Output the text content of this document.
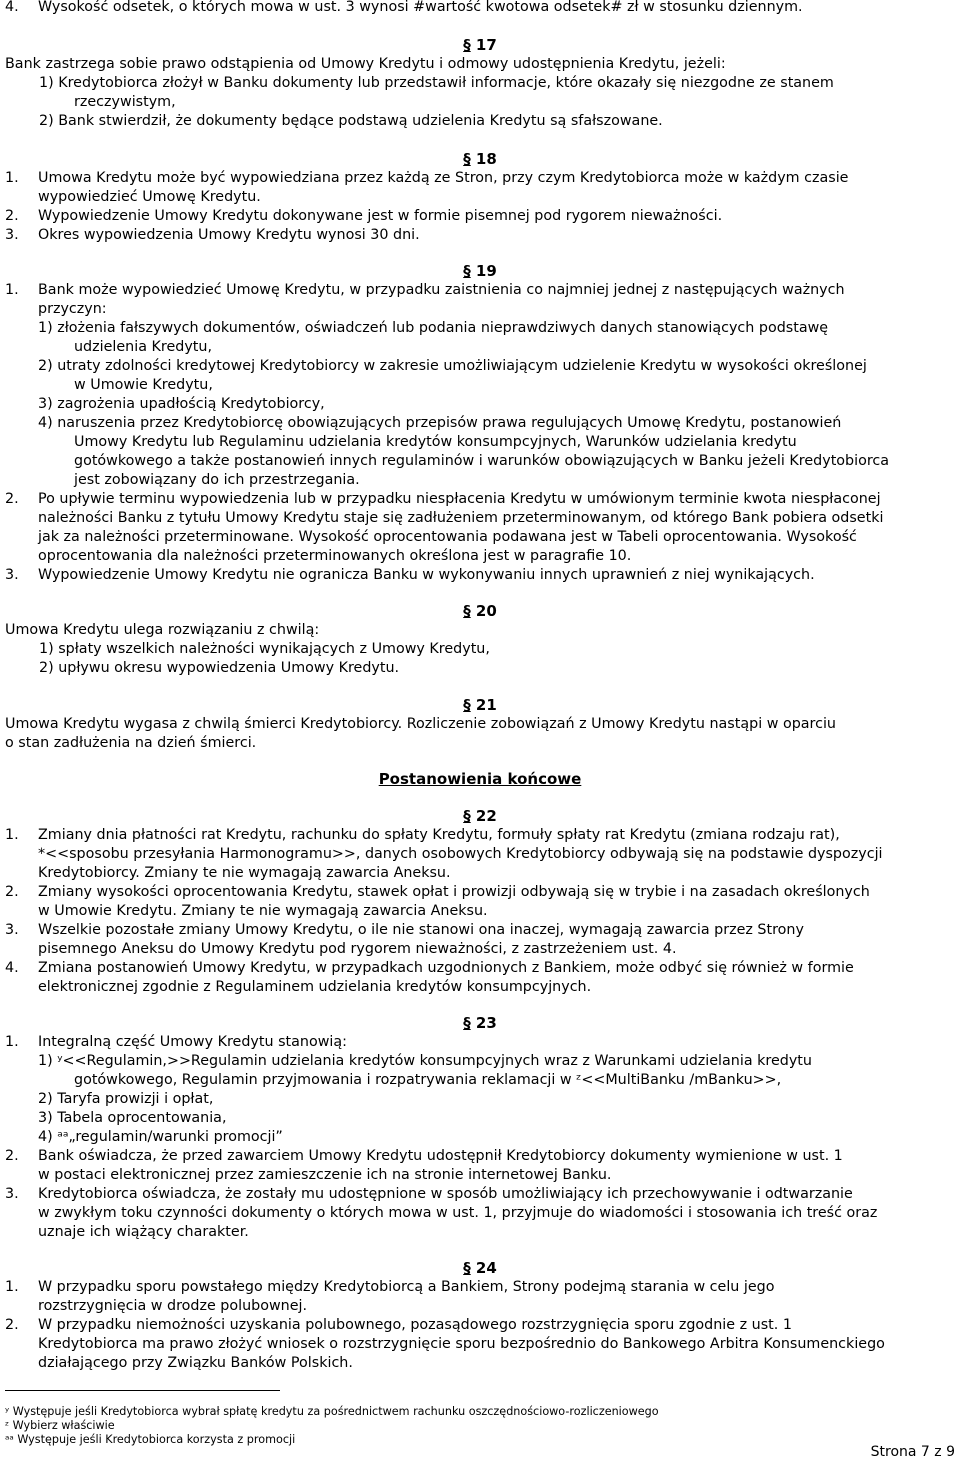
Strona 7 z 9
4. Wysokość odsetek, o których mowa w ust. 3 wynosi #wartość kwotowa odsetek# zł w stosunku dziennym.
§ 17
Bank zastrzega sobie prawo odstąpienia od Umowy Kredytu i odmowy udostępnienia Kredytu, jeżeli:
1) Kredytobiorca złożył w Banku dokumenty lub przedstawił informacje, które okazały się niezgodne ze stanem
rzeczywistym,
2) Bank stwierdził, że dokumenty będące podstawą udzielenia Kredytu są sfałszowane.
§ 18
1. Umowa Kredytu może być wypowiedziana przez każdą ze Stron, przy czym Kredytobiorca może w każdym czasie
wypowiedzieć Umowę Kredytu.
2. Wypowiedzenie Umowy Kredytu dokonywane jest w formie pisemnej pod rygorem nieważności.
3. Okres wypowiedzenia Umowy Kredytu wynosi 30 dni.
§ 19
1. Bank może wypowiedzieć Umowę Kredytu, w przypadku zaistnienia co najmniej jednej z następujących ważnych
przyczyn:
1) złożenia fałszywych dokumentów, oświadczeń lub podania nieprawdziwych danych stanowiących podstawę
udzielenia Kredytu,
2) utraty zdolności kredytowej Kredytobiorcy w zakresie umożliwiającym udzielenie Kredytu w wysokości określonej
w Umowie Kredytu,
3) zagrożenia upadłością Kredytobiorcy,
4) naruszenia przez Kredytobiorcę obowiązujących przepisów prawa regulujących Umowę Kredytu, postanowień
Umowy Kredytu lub Regulaminu udzielania kredytów konsumpcyjnych, Warunków udzielania kredytu
gotówkowego a także postanowień innych regulaminów i warunków obowiązujących w Banku jeżeli Kredytobiorca
jest zobowiązany do ich przestrzegania.
2. Po upływie terminu wypowiedzenia lub w przypadku niespłacenia Kredytu w umówionym terminie kwota niespłaconej
należności Banku z tytułu Umowy Kredytu staje się zadłużeniem przeterminowanym, od którego Bank pobiera odsetki
jak za należności przeterminowane. Wysokość oprocentowania podawana jest w Tabeli oprocentowania. Wysokość
oprocentowania dla należności przeterminowanych określona jest w paragrafie 10.
3. Wypowiedzenie Umowy Kredytu nie ogranicza Banku w wykonywaniu innych uprawnień z niej wynikających.
§ 20
Umowa Kredytu ulega rozwiązaniu z chwilą:
1) spłaty wszelkich należności wynikających z Umowy Kredytu,
2) upływu okresu wypowiedzenia Umowy Kredytu.
§ 21
Umowa Kredytu wygasa z chwilą śmierci Kredytobiorcy. Rozliczenie zobowiązań z Umowy Kredytu nastąpi w oparciu
o stan zadłużenia na dzień śmierci.
Postanowienia końcowe
§ 22
1. Zmiany dnia płatności rat Kredytu, rachunku do spłaty Kredytu, formuły spłaty rat Kredytu (zmiana rodzaju rat),
*<<sposobu przesyłania Harmonogramu>>, danych osobowych Kredytobiorcy odbywają się na podstawie dyspozycji
Kredytobiorcy. Zmiany te nie wymagają zawarcia Aneksu.
2. Zmiany wysokości oprocentowania Kredytu, stawek opłat i prowizji odbywają się w trybie i na zasadach określonych
w Umowie Kredytu. Zmiany te nie wymagają zawarcia Aneksu.
3. Wszelkie pozostałe zmiany Umowy Kredytu, o ile nie stanowi ona inaczej, wymagają zawarcia przez Strony
pisemnego Aneksu do Umowy Kredytu pod rygorem nieważności, z zastrzeżeniem ust. 4.
4. Zmiana postanowień Umowy Kredytu, w przypadkach uzgodnionych z Bankiem, może odbyć się również w formie
elektronicznej zgodnie z Regulaminem udzielania kredytów konsumpcyjnych.
§ 23
1. Integralną część Umowy Kredytu stanowią:
1) ʸ<<Regulamin,>>Regulamin udzielania kredytów konsumpcyjnych wraz z Warunkami udzielania kredytu
gotówkowego, Regulamin przyjmowania i rozpatrywania reklamacji w ᶻ<<MultiBanku /mBanku>>,
2) Taryfa prowizji i opłat,
3) Tabela oprocentowania,
4) ᵃᵃ„regulamin/warunki promocji”
2. Bank oświadcza, że przed zawarciem Umowy Kredytu udostępnił Kredytobiorcy dokumenty wymienione w ust. 1
w postaci elektronicznej przez zamieszczenie ich na stronie internetowej Banku.
3. Kredytobiorca oświadcza, że zostały mu udostępnione w sposób umożliwiający ich przechowywanie i odtwarzanie
w zwykłym toku czynności dokumenty o których mowa w ust. 1, przyjmuje do wiadomości i stosowania ich treść oraz
uznaje ich wiążący charakter.
§ 24
1. W przypadku sporu powstałego między Kredytobiorcą a Bankiem, Strony podejmą starania w celu jego
rozstrzygnięcia w drodze polubownej.
2. W przypadku niemożności uzyskania polubownego, pozasądowego rozstrzygnięcia sporu zgodnie z ust. 1
Kredytobiorca ma prawo złożyć wniosek o rozstrzygnięcie sporu bezpośrednio do Bankowego Arbitra Konsumenckiego
działającego przy Związku Banków Polskich.
ʸ Występuje jeśli Kredytobiorca wybrał spłatę kredytu za pośrednictwem rachunku oszczędnościowo-rozliczeniowego
ᶻ Wybierz właściwie
ᵃᵃ Występuje jeśli Kredytobiorca korzysta z promocji
